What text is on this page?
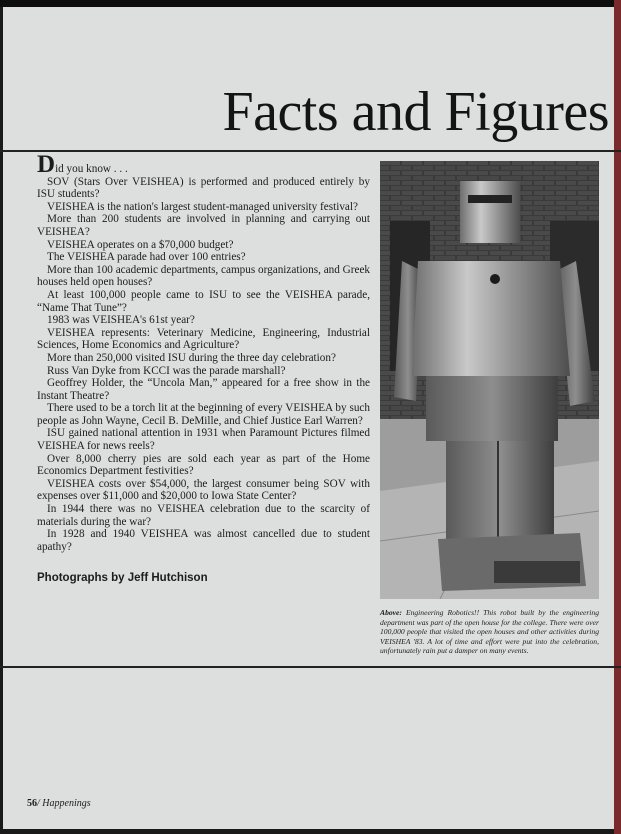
Facts and Figures

Did you know . . .

SOV (Stars Over VEISHEA) is performed and produced entirely by ISU students?

VEISHEA is the nation's largest student-managed university festival?

More than 200 students are involved in planning and carrying out VEISHEA?

VEISHEA operates on a $70,000 budget?

The VEISHEA parade had over 100 entries?

More than 100 academic departments, campus organizations, and Greek houses held open houses?

At least 100,000 people came to ISU to see the VEISHEA parade, “Name That Tune”?

1983 was VEISHEA's 61st year?

VEISHEA represents: Veterinary Medicine, Engineering, Industrial Sciences, Home Economics and Agriculture?

More than 250,000 visited ISU during the three day celebration?

Russ Van Dyke from KCCI was the parade marshall?

Geoffrey Holder, the “Uncola Man,” appeared for a free show in the Instant Theatre?

There used to be a torch lit at the beginning of every VEISHEA by such people as John Wayne, Cecil B. DeMille, and Chief Justice Earl Warren?

ISU gained national attention in 1931 when Paramount Pictures filmed VEISHEA for news reels?

Over 8,000 cherry pies are sold each year as part of the Home Economics Department festivities?

VEISHEA costs over $54,000, the largest consumer being SOV with expenses over $11,000 and $20,000 to Iowa State Center?

In 1944 there was no VEISHEA celebration due to the scarcity of materials during the war?

In 1928 and 1940 VEISHEA was almost cancelled due to student apathy?

Photographs by Jeff Hutchison
Above: Engineering Robotics!! This robot built by the engineering department was part of the open house for the college. There were over 100,000 people that visited the open houses and other activities during VEISHEA '83. A lot of time and effort were put into the celebration, unfortunately rain put a damper on many events.
56/ Happenings
